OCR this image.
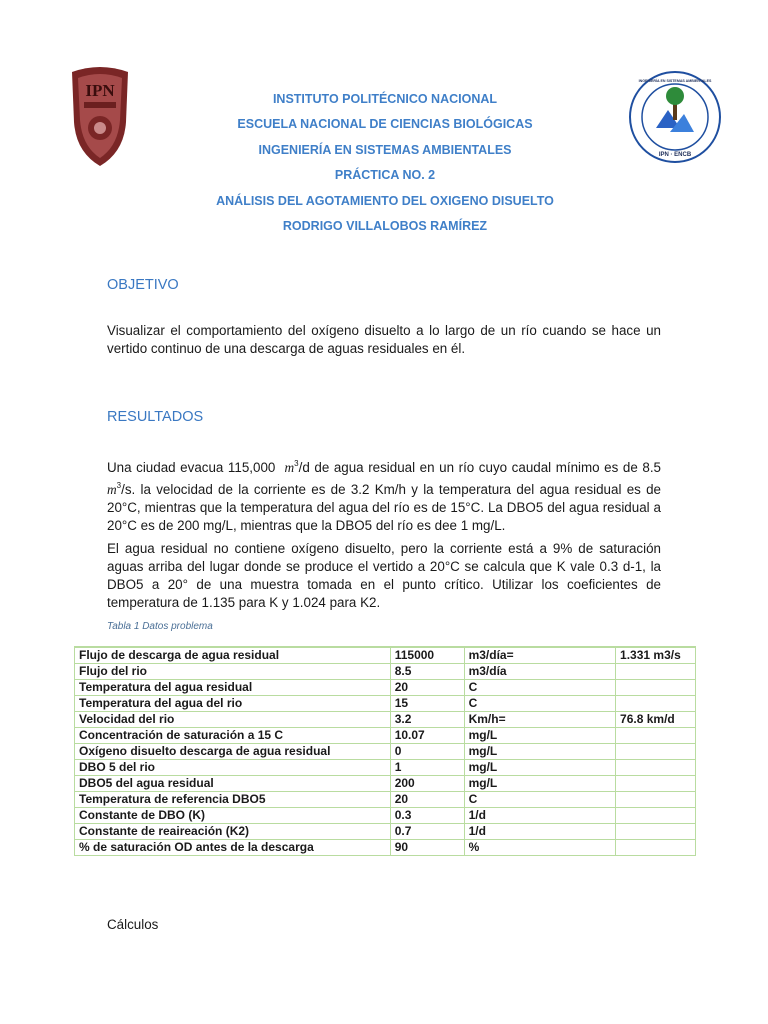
IPN
IPN · ENCB
INGENIERÍA EN SISTEMAS AMBIENTALES
INSTITUTO POLITÉCNICO NACIONAL
ESCUELA NACIONAL DE CIENCIAS BIOLÓGICAS
INGENIERÍA EN SISTEMAS AMBIENTALES
PRÁCTICA NO. 2
ANÁLISIS DEL AGOTAMIENTO DEL OXIGENO DISUELTO
RODRIGO VILLALOBOS RAMÍREZ
OBJETIVO
Visualizar el comportamiento del oxígeno disuelto a lo largo de un río cuando se hace un vertido continuo de una descarga de aguas residuales en él.
RESULTADOS
Una ciudad evacua 115,000 $m^3/d$ de agua residual en un río cuyo caudal mínimo es de 8.5 $m^3/s$. la velocidad de la corriente es de 3.2 Km/h y la temperatura del agua residual es de 20°C, mientras que la temperatura del agua del río es de 15°C. La DBO5 del agua residual a 20°C es de 200 mg/L, mientras que la DBO5 del río es dee 1 mg/L.
El agua residual no contiene oxígeno disuelto, pero la corriente está a 9% de saturación aguas arriba del lugar donde se produce el vertido a 20°C se calcula que K vale 0.3 d-1, la DBO5 a 20° de una muestra tomada en el punto crítico. Utilizar los coeficientes de temperatura de 1.135 para K y 1.024 para K2.
Tabla 1 Datos problema
Flujo de descarga de agua residual	115000	m3/día=	1.331 m3/s
Flujo del rio	8.5	m3/día	
Temperatura del agua residual	20	C	
Temperatura del agua del rio	15	C	
Velocidad del rio	3.2	Km/h=	76.8 km/d
Concentración de saturación a 15 C	10.07	mg/L	
Oxígeno disuelto descarga de agua residual	0	mg/L	
DBO 5 del rio	1	mg/L	
DBO5 del agua residual	200	mg/L	
Temperatura de referencia DBO5	20	C	
Constante de DBO (K)	0.3	1/d	
Constante de reaireación (K2)	0.7	1/d	
% de saturación OD antes de la descarga	90	%	
Cálculos
